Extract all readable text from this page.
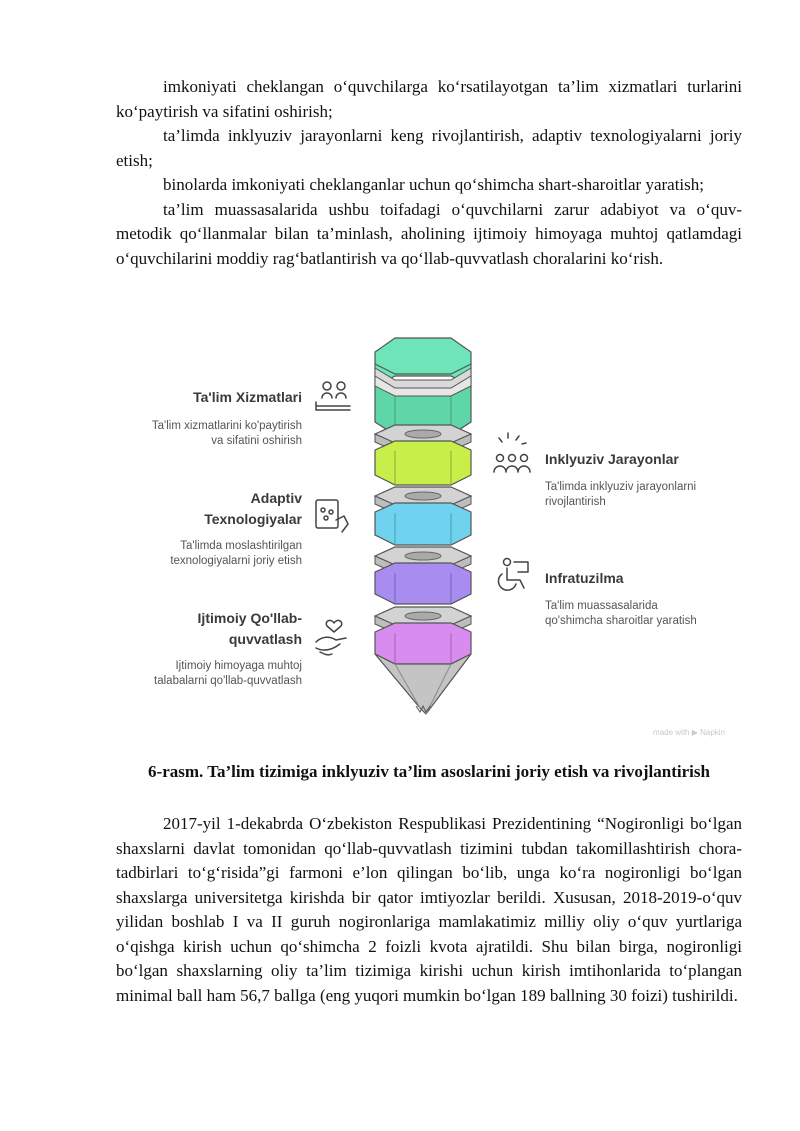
imkoniyati cheklangan o‘quvchilarga ko‘rsatilayotgan ta’lim xizmatlari turlarini ko‘paytirish va sifatini oshirish;

ta’limda inklyuziv jarayonlarni keng rivojlantirish, adaptiv texnologiyalarni joriy etish;

binolarda imkoniyati cheklanganlar uchun qo‘shimcha shart-sharoitlar yaratish;

ta’lim muassasalarida ushbu toifadagi o‘quvchilarni zarur adabiyot va o‘quv-metodik qo‘llanmalar bilan ta’minlash, aholining ijtimoiy himoyaga muhtoj qatlamdagi o‘quvchilarini moddiy rag‘batlantirish va qo‘llab-quvvatlash choralarini ko‘rish.

Ta'lim Xizmatlari
Ta'lim xizmatlarini ko'paytirish
va sifatini oshirish
Adaptiv
Texnologiyalar
Ta'limda moslashtirilgan
texnologiyalarni joriy etish
Ijtimoiy Qo'llab-
quvvatlash
Ijtimoiy himoyaga muhtoj
talabalarni qo'llab-quvvatlash
Inklyuziv Jarayonlar
Ta'limda inklyuziv jarayonlarni
rivojlantirish
Infratuzilma
Ta'lim muassasalarida
qo'shimcha sharoitlar yaratish
made with ▶ Napkin
6-rasm. Ta’lim tizimiga inklyuziv ta’lim asoslarini joriy etish va rivojlantirish

2017-yil 1-dekabrda O‘zbekiston Respublikasi Prezidentining “Nogironligi bo‘lgan shaxslarni davlat tomonidan qo‘llab-quvvatlash tizimini tubdan takomillashtirish chora-tadbirlari to‘g‘risida”gi farmoni e’lon qilingan bo‘lib, unga ko‘ra nogironligi bo‘lgan shaxslarga universitetga kirishda bir qator imtiyozlar berildi. Xususan, 2018-2019-o‘quv yilidan boshlab I va II guruh nogironlariga mamlakatimiz milliy oliy o‘quv yurtlariga o‘qishga kirish uchun qo‘shimcha 2 foizli kvota ajratildi. Shu bilan birga, nogironligi bo‘lgan shaxslarning oliy ta’lim tizimiga kirishi uchun kirish imtihonlarida to‘plangan minimal ball ham 56,7 ballga (eng yuqori mumkin bo‘lgan 189 ballning 30 foizi) tushirildi.
